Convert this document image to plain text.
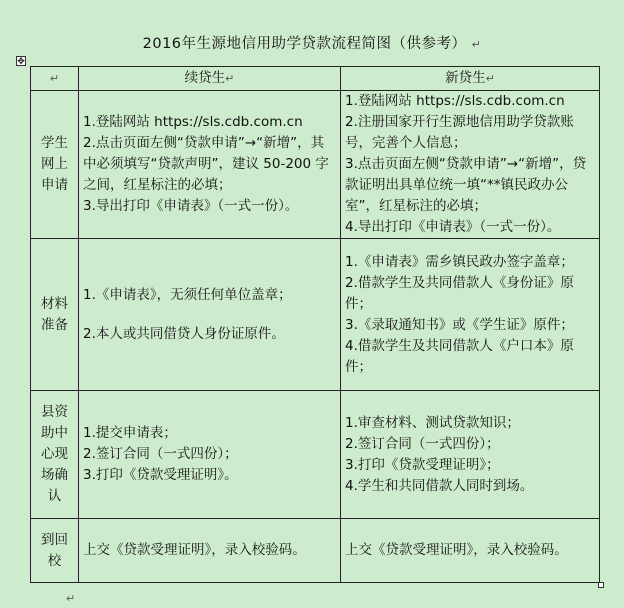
2016年生源地信用助学贷款流程简图（供参考） ↵
✥
↵	续贷生↵	新贷生↵
学生网上申请	1.登陆网站 https://sls.cdb.com.cn
2.点击页面左侧“贷款申请”→“新增”，其中必须填写“贷款声明”，建议 50-200 字之间，红星标注的必填；
3.导出打印《申请表》（一式一份）。	1.登陆网站 https://sls.cdb.com.cn
2.注册国家开行生源地信用助学贷款账号，完善个人信息；
3.点击页面左侧“贷款申请”→“新增”，贷款证明出具单位统一填“**镇民政办公室”，红星标注的必填；
4.导出打印《申请表》（一式一份）。

材料准备	1.《申请表》，无须任何单位盖章；
2.本人或共同借贷人身份证原件。	1.《申请表》需乡镇民政办签字盖章；
2.借款学生及共同借款人《身份证》原件；
3.《录取通知书》或《学生证》原件；
4.借款学生及共同借款人《户口本》原件；

县资助中心现场确认	1.提交申请表；
2.签订合同（一式四份）；
3.打印《贷款受理证明》。	1.审查材料、测试贷款知识；
2.签订合同（一式四份）；
3.打印《贷款受理证明》；
4.学生和共同借款人同时到场。

到回校	上交《贷款受理证明》，录入校验码。	上交《贷款受理证明》，录入校验码。
↵
